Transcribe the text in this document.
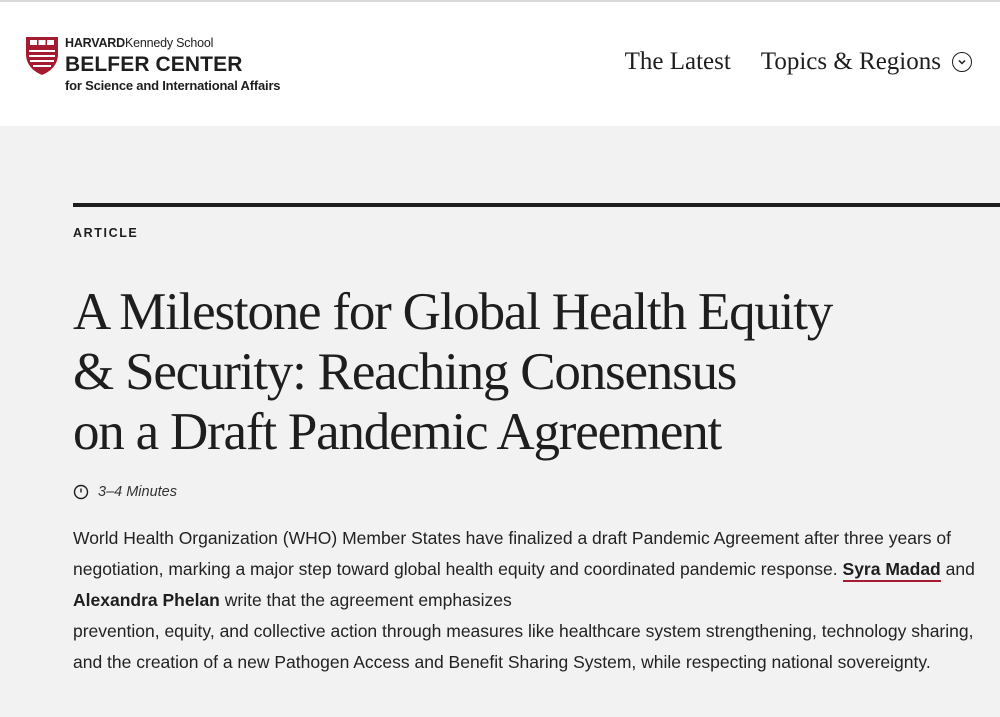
HARVARDKennedy School
BELFER CENTER
for Science and International Affairs
The Latest Topics & Regions
ARTICLE
A Milestone for Global Health Equity
& Security: Reaching Consensus
on a Draft Pandemic Agreement
3–4 Minutes

World Health Organization (WHO) Member States have finalized a draft Pandemic Agreement after three years of negotiation, marking a major step toward global health equity and coordinated pandemic response. Syra Madad and Alexandra Phelan write that the agreement emphasizes
prevention, equity, and collective action through measures like healthcare system strengthening, technology sharing, and the creation of a new Pathogen Access and Benefit Sharing System, while respecting national sovereignty.
